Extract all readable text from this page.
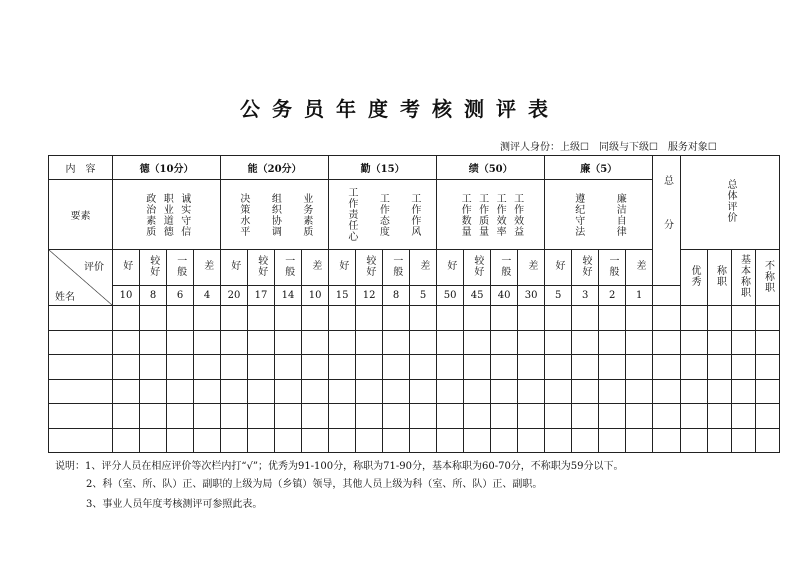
公务员年度考核测评表
测评人身份：上级☐　同级与下级☐　服务对象☐
内　容	德（10分）				能（20分）				勤（15）				绩（50）				廉（5）				总分	总体评价			
要素	政治素质 职业道德 诚实守信				决策水平 组织协调 业务素质				工作责任心 工作态度 工作作风				工作数量 工作质量 工作效率 工作效益				遵纪守法 廉洁自律								

评价
姓名	好	较好	一般	差	好	较好	一般	差	好	较好	一般	差	好	较好	一般	差	好	较好	一般	差		优秀	称职	基本称职	不称职
	10	8	6	4	20	17	14	10	15	12	8	5	50	45	40	30	5	3	2	1					

说明：1、评分人员在相应评价等次栏内打“√”；优秀为91-100分，称职为71-90分，基本称职为60-70分，不称职为59分以下。
2、科（室、所、队）正、副职的上级为局（乡镇）领导，其他人员上级为科（室、所、队）正、副职。
3、事业人员年度考核测评可参照此表。
